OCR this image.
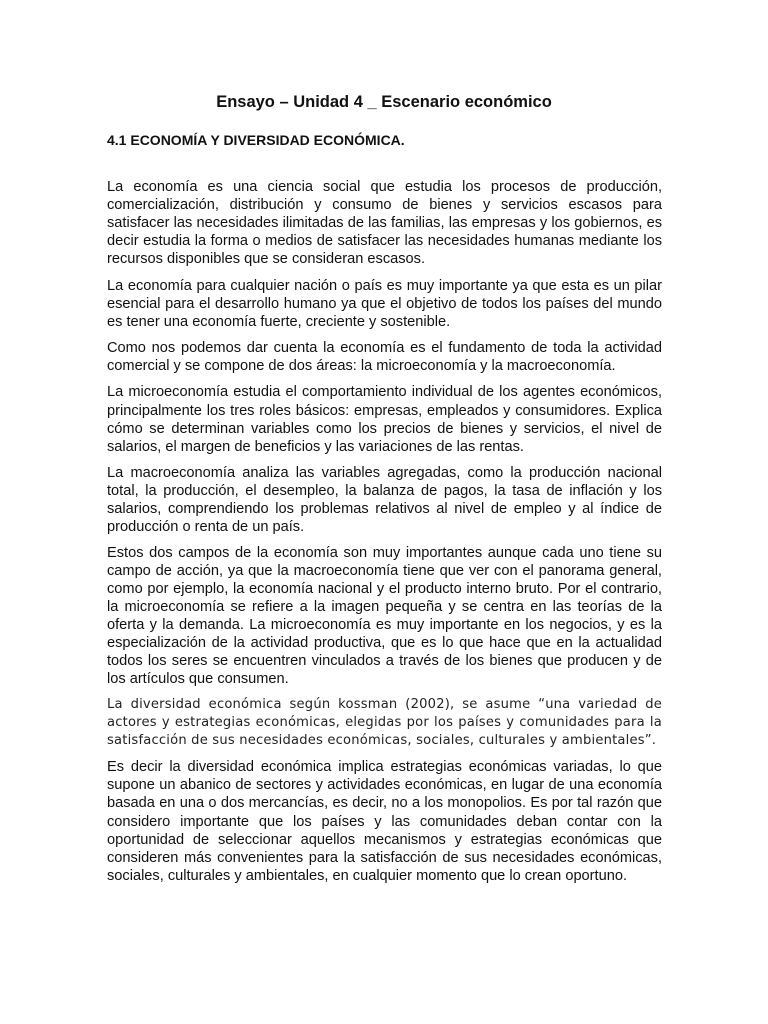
Ensayo – Unidad 4 _ Escenario económico
4.1 ECONOMÍA Y DIVERSIDAD ECONÓMICA.

La economía es una ciencia social que estudia los procesos de producción, comercialización, distribución y consumo de bienes y servicios escasos para satisfacer las necesidades ilimitadas de las familias, las empresas y los gobiernos, es decir estudia la forma o medios de satisfacer las necesidades humanas mediante los recursos disponibles que se consideran escasos.

La economía para cualquier nación o país es muy importante ya que esta es un pilar esencial para el desarrollo humano ya que el objetivo de todos los países del mundo es tener una economía fuerte, creciente y sostenible.

Como nos podemos dar cuenta la economía es el fundamento de toda la actividad comercial y se compone de dos áreas: la microeconomía y la macroeconomía.

La microeconomía estudia el comportamiento individual de los agentes económicos, principalmente los tres roles básicos: empresas, empleados y consumidores. Explica cómo se determinan variables como los precios de bienes y servicios, el nivel de salarios, el margen de beneficios y las variaciones de las rentas.

La macroeconomía analiza las variables agregadas, como la producción nacional total, la producción, el desempleo, la balanza de pagos, la tasa de inflación y los salarios, comprendiendo los problemas relativos al nivel de empleo y al índice de producción o renta de un país.

Estos dos campos de la economía son muy importantes aunque cada uno tiene su campo de acción, ya que la macroeconomía tiene que ver con el panorama general, como por ejemplo, la economía nacional y el producto interno bruto. Por el contrario, la microeconomía se refiere a la imagen pequeña y se centra en las teorías de la oferta y la demanda. La microeconomía es muy importante en los negocios, y es la especialización de la actividad productiva, que es lo que hace que en la actualidad todos los seres se encuentren vinculados a través de los bienes que producen y de los artículos que consumen.

La diversidad económica según kossman (2002), se asume “una variedad de actores y estrategias económicas, elegidas por los países y comunidades para la satisfacción de sus necesidades económicas, sociales, culturales y ambientales”.

Es decir la diversidad económica implica estrategias económicas variadas, lo que supone un abanico de sectores y actividades económicas, en lugar de una economía basada en una o dos mercancías, es decir, no a los monopolios. Es por tal razón que considero importante que los países y las comunidades deban contar con la oportunidad de seleccionar aquellos mecanismos y estrategias económicas que consideren más convenientes para la satisfacción de sus necesidades económicas, sociales, culturales y ambientales, en cualquier momento que lo crean oportuno.
